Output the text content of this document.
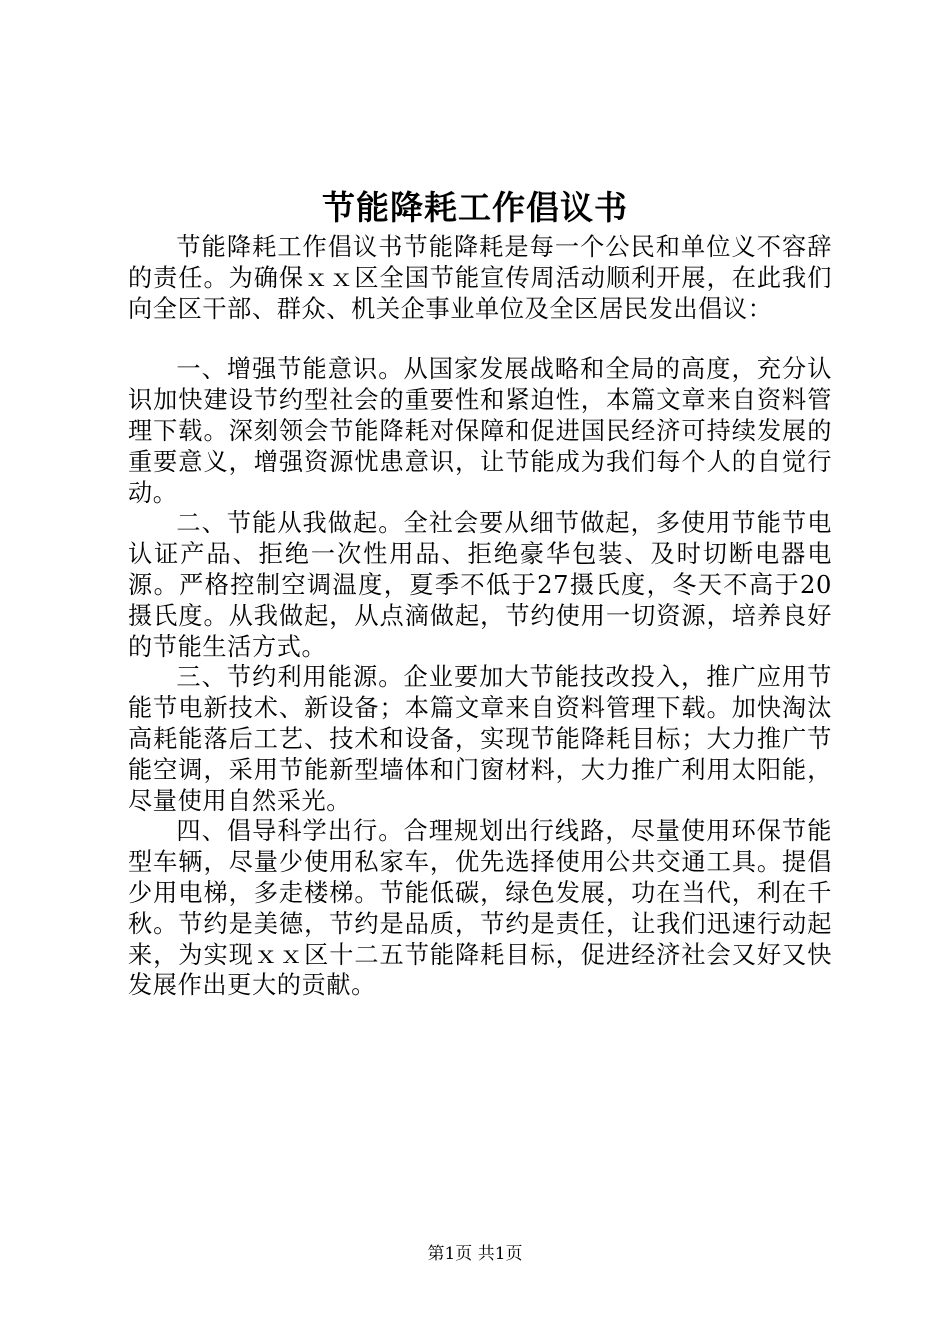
节能降耗工作倡议书

节能降耗工作倡议书节能降耗是每一个公民和单位义不容辞的责任。为确保ｘｘ区全国节能宣传周活动顺利开展，在此我们向全区干部、群众、机关企事业单位及全区居民发出倡议：

一、增强节能意识。从国家发展战略和全局的高度，充分认识加快建设节约型社会的重要性和紧迫性，本篇文章来自资料管理下载。深刻领会节能降耗对保障和促进国民经济可持续发展的重要意义，增强资源忧患意识，让节能成为我们每个人的自觉行动。

二、节能从我做起。全社会要从细节做起，多使用节能节电认证产品、拒绝一次性用品、拒绝豪华包装、及时切断电器电源。严格控制空调温度，夏季不低于27摄氏度，冬天不高于20摄氏度。从我做起，从点滴做起，节约使用一切资源，培养良好的节能生活方式。

三、节约利用能源。企业要加大节能技改投入，推广应用节能节电新技术、新设备；本篇文章来自资料管理下载。加快淘汰高耗能落后工艺、技术和设备，实现节能降耗目标；大力推广节能空调，采用节能新型墙体和门窗材料，大力推广利用太阳能，尽量使用自然采光。

四、倡导科学出行。合理规划出行线路，尽量使用环保节能型车辆，尽量少使用私家车，优先选择使用公共交通工具。提倡少用电梯，多走楼梯。节能低碳，绿色发展，功在当代，利在千秋。节约是美德，节约是品质，节约是责任，让我们迅速行动起来，为实现ｘｘ区十二五节能降耗目标，促进经济社会又好又快发展作出更大的贡献。

第1页 共1页
